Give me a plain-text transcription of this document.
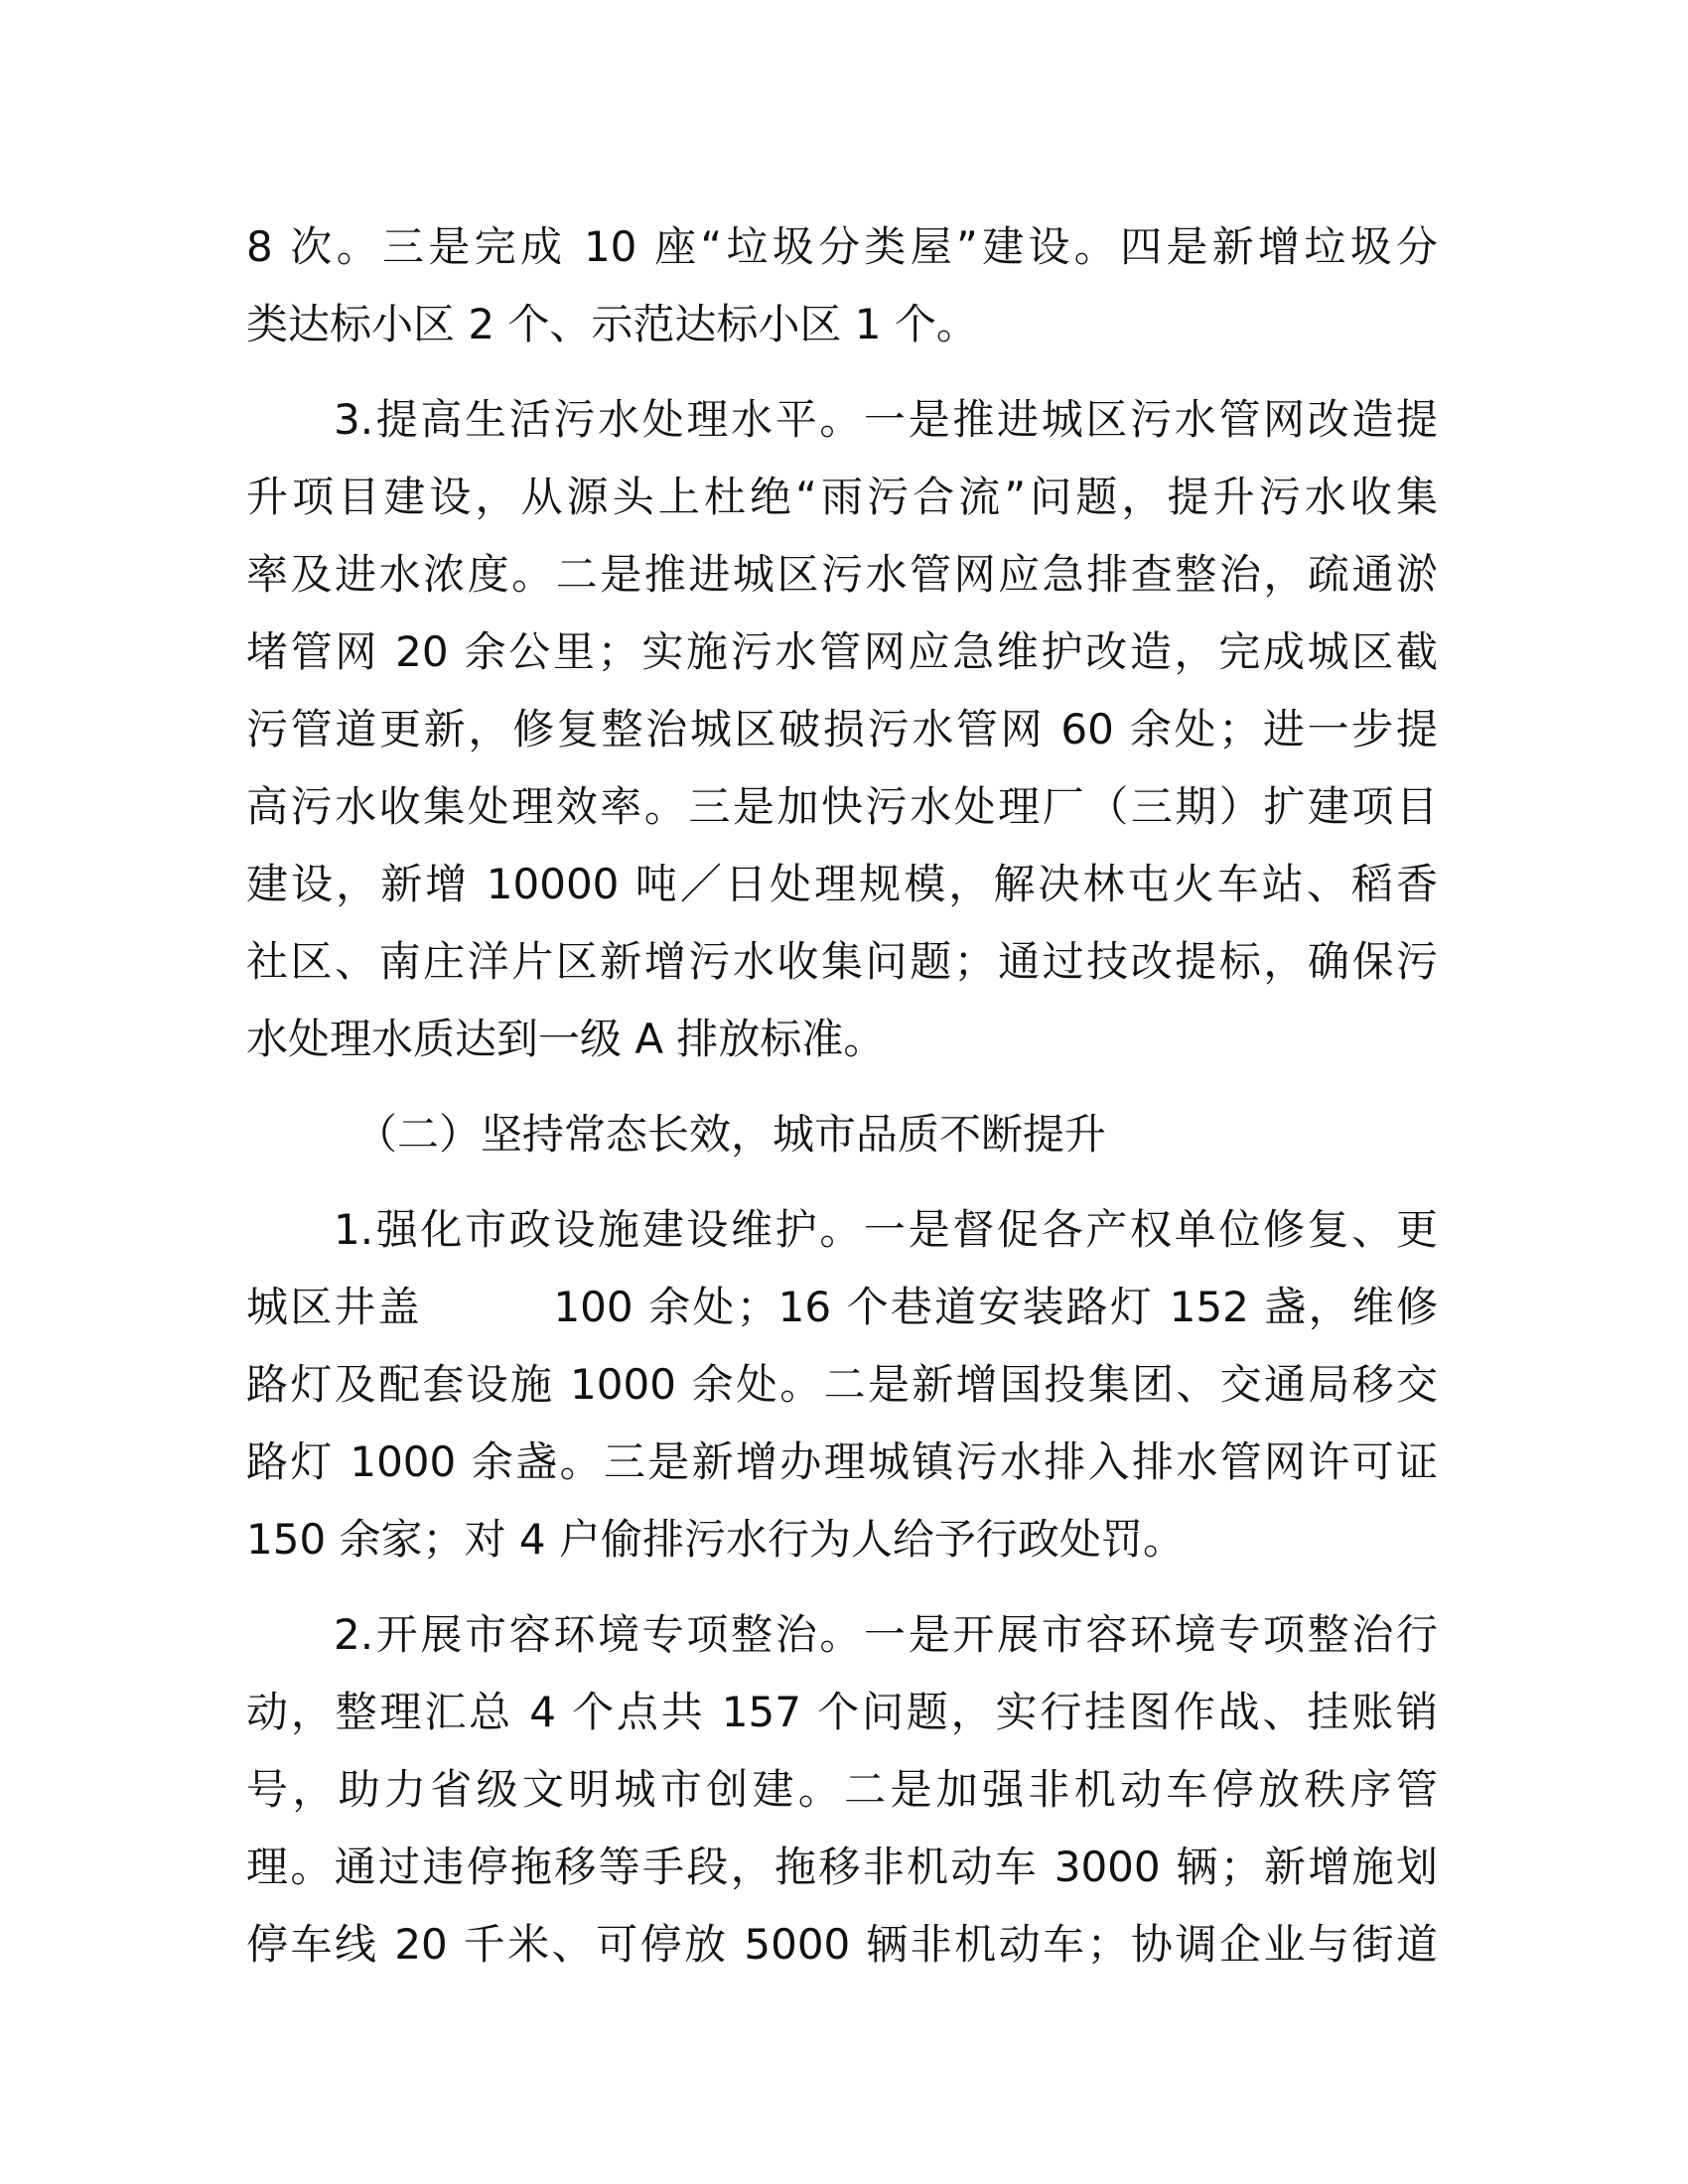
8 次。三是完成 10 座“垃圾分类屋”建设。四是新增垃圾分
类达标小区 2 个、示范达标小区 1 个。
3.提高生活污水处理水平。一是推进城区污水管网改造提
升项目建设，从源头上杜绝“雨污合流”问题，提升污水收集
率及进水浓度。二是推进城区污水管网应急排查整治，疏通淤
堵管网 20 余公里；实施污水管网应急维护改造，完成城区截
污管道更新，修复整治城区破损污水管网 60 余处；进一步提
高污水收集处理效率。三是加快污水处理厂（三期）扩建项目
建设，新增 10000 吨／日处理规模，解决林屯火车站、稻香
社区、南庄洋片区新增污水收集问题；通过技改提标，确保污
水处理水质达到一级 A 排放标准。
（二）坚持常态长效，城市品质不断提升
1.强化市政设施建设维护。一是督促各产权单位修复、更
城区井盖　　　100 余处；16 个巷道安装路灯 152 盏，维修
路灯及配套设施 1000 余处。二是新增国投集团、交通局移交
路灯 1000 余盏。三是新增办理城镇污水排入排水管网许可证
150 余家；对 4 户偷排污水行为人给予行政处罚。
2.开展市容环境专项整治。一是开展市容环境专项整治行
动，整理汇总 4 个点共 157 个问题，实行挂图作战、挂账销
号，助力省级文明城市创建。二是加强非机动车停放秩序管
理。通过违停拖移等手段，拖移非机动车 3000 辆；新增施划
停车线 20 千米、可停放 5000 辆非机动车；协调企业与街道
